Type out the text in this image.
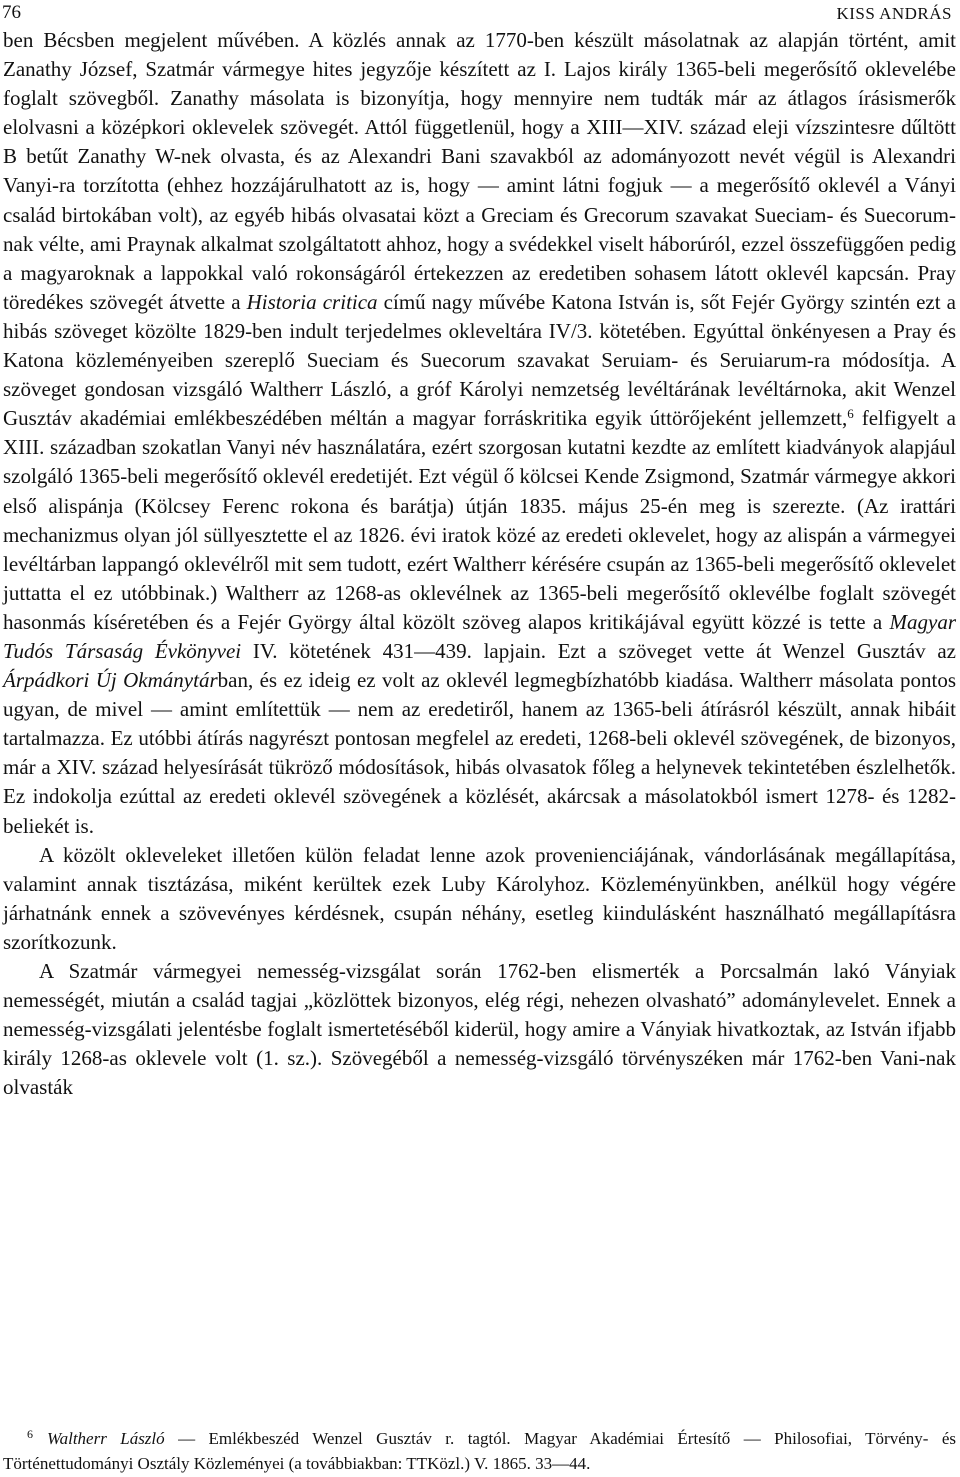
76	KISS ANDRÁS

ben Bécsben megjelent művében. A közlés annak az 1770-ben készült másolatnak az alapján történt, amit Zanathy József, Szatmár vármegye hites jegyzője készített az I. Lajos király 1365-beli megerősítő oklevelébe foglalt szövegből. Zanathy másolata is bizonyítja, hogy mennyire nem tudták már az átlagos írásismerők elolvasni a középkori oklevelek szövegét. Attól függetlenül, hogy a XIII—XIV. század eleji vízszintesre dűltött B betűt Zanathy W-nek olvasta, és az Alexandri Bani szavakból az adományozott nevét végül is Alexandri Vanyi-ra torzította (ehhez hozzájárulhatott az is, hogy — amint látni fogjuk — a megerősítő oklevél a Ványi család birtokában volt), az egyéb hibás olvasatai közt a Greciam és Grecorum szavakat Sueciam- és Suecorum-nak vélte, ami Praynak alkalmat szolgáltatott ahhoz, hogy a svédekkel viselt háborúról, ezzel összefüggően pedig a magyaroknak a lappokkal való rokonságáról értekezzen az eredetiben sohasem látott oklevél kapcsán. Pray töredékes szövegét átvette a Historia critica című nagy művébe Katona István is, sőt Fejér György szintén ezt a hibás szöveget közölte 1829-ben indult terjedelmes okleveltára IV/3. kötetében. Egyúttal önkényesen a Pray és Katona közleményeiben szereplő Sueciam és Suecorum szavakat Seruiam- és Seruiarum-ra módosítja. A szöveget gondosan vizsgáló Waltherr László, a gróf Károlyi nemzetség levéltárának levéltárnoka, akit Wenzel Gusztáv akadémiai emlékbeszédében méltán a magyar forráskritika egyik úttörőjeként jellemzett,$^6$ felfigyelt a XIII. században szokatlan Vanyi név használatára, ezért szorgosan kutatni kezdte az említett kiadványok alapjául szolgáló 1365-beli megerősítő oklevél eredetijét. Ezt végül ő kölcsei Kende Zsigmond, Szatmár vármegye akkori első alispánja (Kölcsey Ferenc rokona és barátja) útján 1835. május 25-én meg is szerezte. (Az irattári mechanizmus olyan jól süllyesztette el az 1826. évi iratok közé az eredeti oklevelet, hogy az alispán a vármegyei levéltárban lappangó oklevélről mit sem tudott, ezért Waltherr kérésére csupán az 1365-beli megerősítő oklevelet juttatta el ez utóbbinak.) Waltherr az 1268-as oklevélnek az 1365-beli megerősítő oklevélbe foglalt szövegét hasonmás kíséretében és a Fejér György által közölt szöveg alapos kritikájával együtt közzé is tette a Magyar Tudós Társaság Évkönyvei IV. kötetének 431—439. lapjain. Ezt a szöveget vette át Wenzel Gusztáv az Árpádkori Új Okmánytárban, és ez ideig ez volt az oklevél legmegbízhatóbb kiadása. Waltherr másolata pontos ugyan, de mivel — amint említettük — nem az eredetiről, hanem az 1365-beli átírásról készült, annak hibáit tartalmazza. Ez utóbbi átírás nagyrészt pontosan megfelel az eredeti, 1268-beli oklevél szövegének, de bizonyos, már a XIV. század helyesírását tükröző módosítások, hibás olvasatok főleg a helynevek tekintetében észlelhetők. Ez indokolja ezúttal az eredeti oklevél szövegének a közlését, akárcsak a másolatokból ismert 1278- és 1282-beliekét is.

A közölt okleveleket illetően külön feladat lenne azok provenienciájának, vándorlásának megállapítása, valamint annak tisztázása, miként kerültek ezek Luby Károlyhoz. Közleményünkben, anélkül hogy végére járhatnánk ennek a szövevényes kérdésnek, csupán néhány, esetleg kiindulásként használható megállapításra szorítkozunk.

A Szatmár vármegyei nemesség-vizsgálat során 1762-ben elismerték a Porcsalmán lakó Ványiak nemességét, miután a család tagjai „közlöttek bizonyos, elég régi, nehezen olvasható” adománylevelet. Ennek a nemesség-vizsgálati jelentésbe foglalt ismertetéséből kiderül, hogy amire a Ványiak hivatkoztak, az István ifjabb király 1268-as oklevele volt (1. sz.). Szövegéből a nemesség-vizsgáló törvényszéken már 1762-ben Vani-nak olvasták

$^6$ Waltherr László — Emlékbeszéd Wenzel Gusztáv r. tagtól. Magyar Akadémiai Értesítő — Philosofiai, Törvény- és Történettudományi Osztály Közleményei (a továbbiakban: TTKözl.) V. 1865. 33—44.
